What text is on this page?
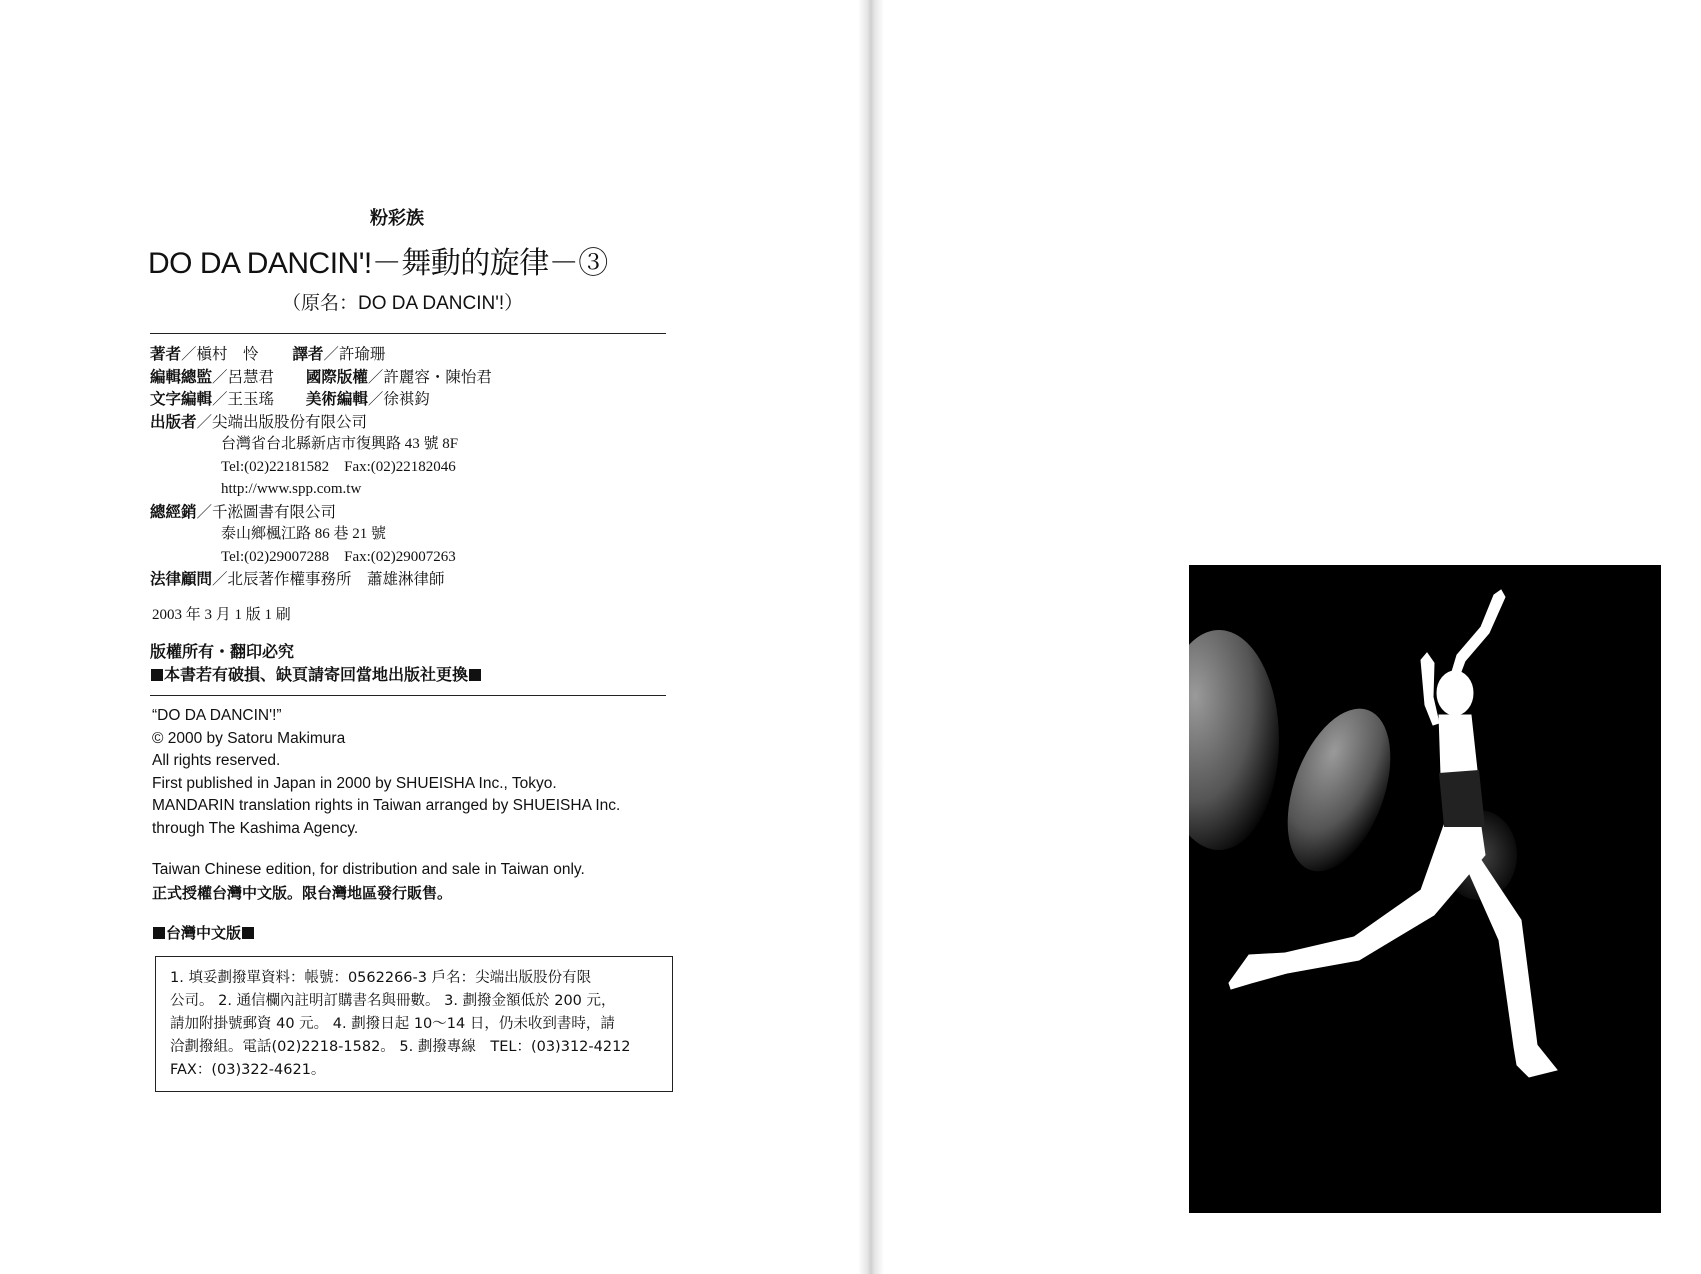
粉彩族
DO DA DANCIN'!－舞動的旋律－③
（原名：DO DA DANCIN'!）
著者／槇村　怜 譯者／許瑜珊
編輯總監／呂慧君 國際版權／許麗容・陳怡君
文字編輯／王玉瑤 美術編輯／徐褀鈞
出版者／尖端出版股份有限公司
台灣省台北縣新店市復興路 43 號 8F
Tel:(02)22181582　Fax:(02)22182046
http://www.spp.com.tw
總經銷／千淞圖書有限公司
泰山鄉楓江路 86 巷 21 號
Tel:(02)29007288　Fax:(02)29007263
法律顧問／北辰著作權事務所　蕭雄淋律師
2003 年 3 月 1 版 1 刷
版權所有・翻印必究
本書若有破損、缺頁請寄回當地出版社更換
“DO DA DANCIN'!”
© 2000 by Satoru Makimura
All rights reserved.
First published in Japan in 2000 by SHUEISHA Inc., Tokyo.
MANDARIN translation rights in Taiwan arranged by SHUEISHA Inc.
through The Kashima Agency.
Taiwan Chinese edition, for distribution and sale in Taiwan only.
正式授權台灣中文版。限台灣地區發行販售。
台灣中文版
1. 填妥劃撥單資料：帳號：0562266-3 戶名：尖端出版股份有限
公司。 2. 通信欄內註明訂購書名與冊數。 3. 劃撥金額低於 200 元，
請加附掛號郵資 40 元。 4. 劃撥日起 10～14 日，仍未收到書時，請
洽劃撥組。電話(02)2218-1582。 5. 劃撥專線　TEL：(03)312-4212
FAX：(03)322-4621。
